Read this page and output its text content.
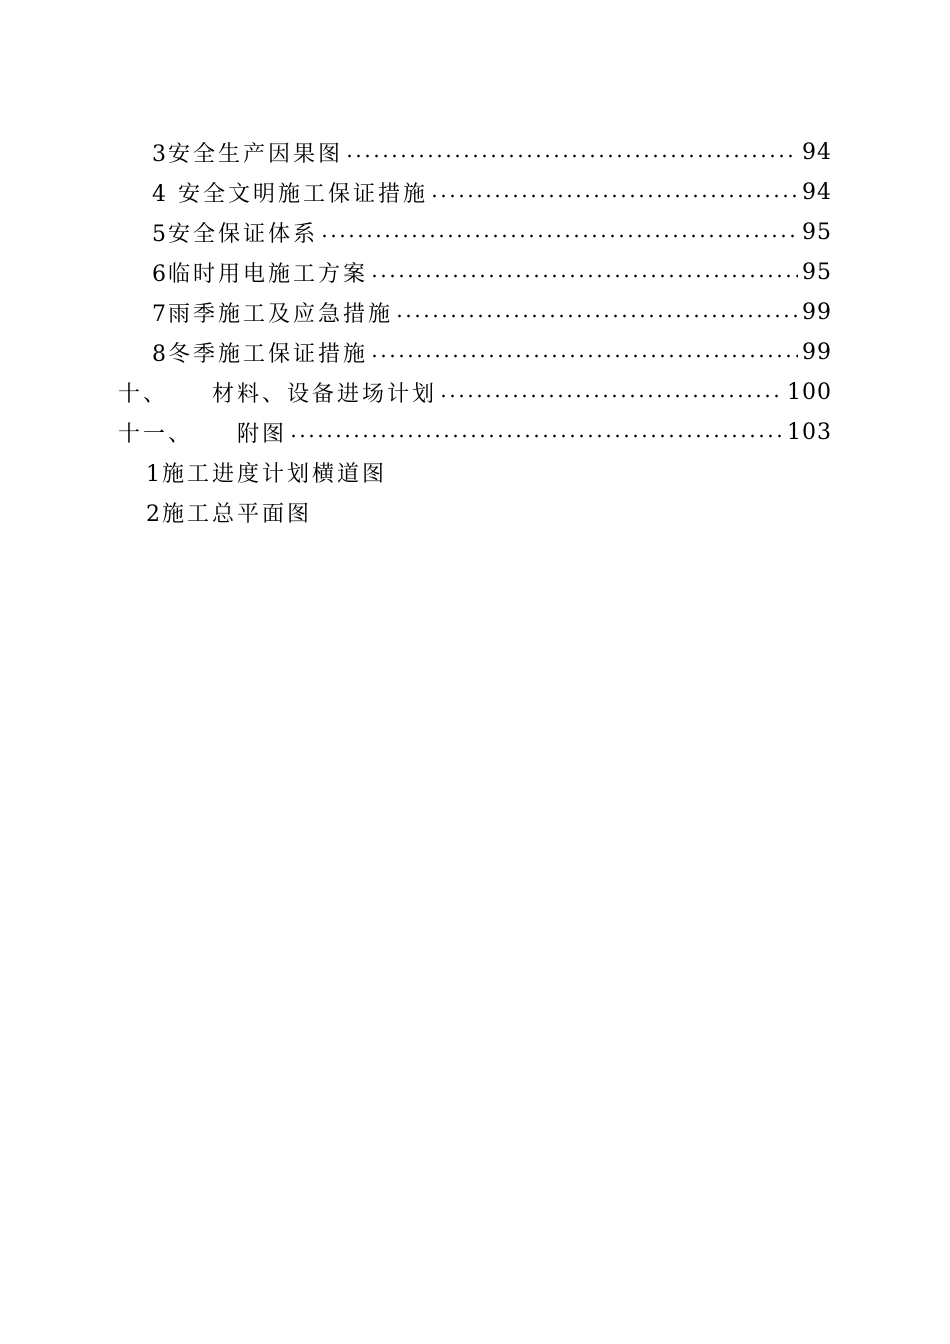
3安全生产因果图	94
4 安全文明施工保证措施	94
5安全保证体系	95
6临时用电施工方案	95
7雨季施工及应急措施	99
8冬季施工保证措施	99
十、 材料、设备进场计划	100
十一、 附图	103
1施工进度计划横道图
2施工总平面图
